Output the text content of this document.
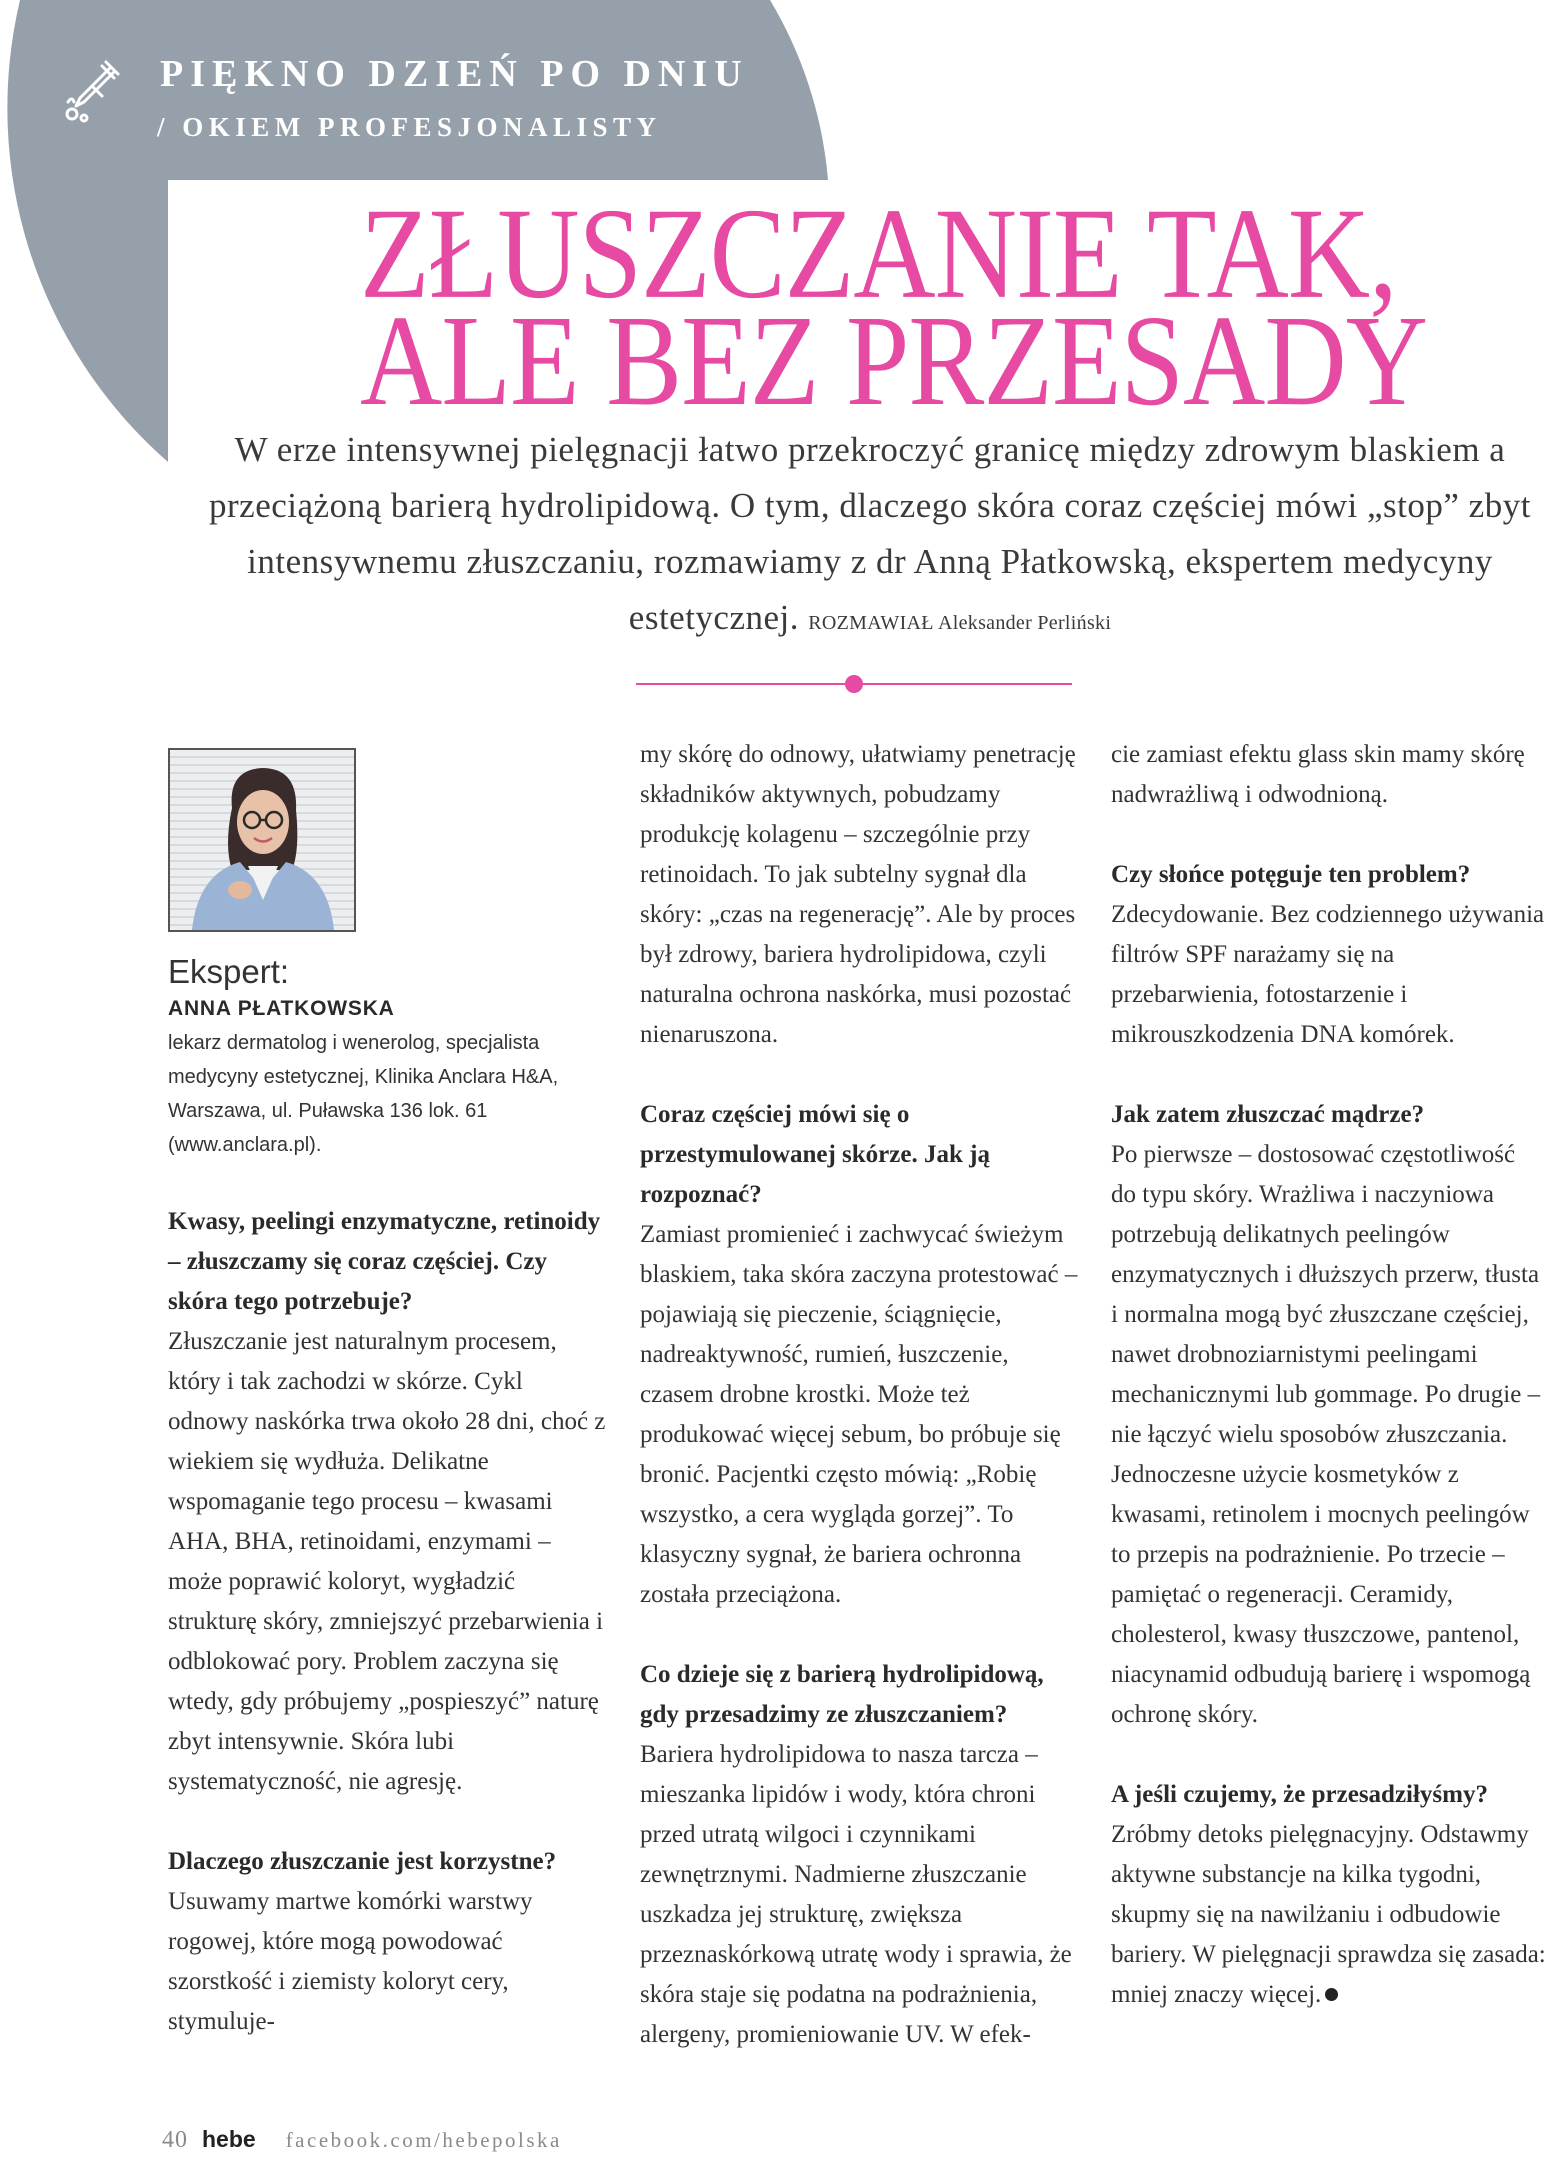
PIĘKNO DZIEŃ PO DNIU
/ OKIEM PROFESJONALISTY
ZŁUSZCZANIE TAK,
ALE BEZ PRZESADY
W erze intensywnej pielęgnacji łatwo przekroczyć granicę między zdrowym blaskiem a przeciążoną barierą hydrolipidową. O tym, dlaczego skóra coraz częściej mówi „stop” zbyt intensywnemu złuszczaniu, rozmawiamy z dr Anną Płatkowską, ekspertem medycyny estetycznej. ROZMAWIAŁ Aleksander Perliński
Ekspert:
ANNA PŁATKOWSKA
lekarz dermatolog i wenerolog, specjalista medycyny estetycznej, Klinika Anclara H&A, Warszawa, ul. Puławska 136 lok. 61 (www.anclara.pl).

Kwasy, peelingi enzymatyczne, retinoidy – złuszczamy się coraz częściej. Czy skóra tego potrzebuje?

Złuszczanie jest naturalnym procesem, który i tak zachodzi w skórze. Cykl odnowy naskórka trwa około 28 dni, choć z wiekiem się wydłuża. Delikatne wspomaganie tego procesu – kwasami AHA, BHA, retinoidami, enzymami – może poprawić koloryt, wygładzić strukturę skóry, zmniejszyć przebarwienia i odblokować pory. Problem zaczyna się wtedy, gdy próbujemy „pospieszyć” naturę zbyt intensywnie. Skóra lubi systematyczność, nie agresję.

Dlaczego złuszczanie jest korzystne?

Usuwamy martwe komórki warstwy rogowej, które mogą powodować szorstkość i ziemisty koloryt cery, stymuluje-

my skórę do odnowy, ułatwiamy penetrację składników aktywnych, pobudzamy produkcję kolagenu – szczególnie przy retinoidach. To jak subtelny sygnał dla skóry: „czas na regenerację”. Ale by proces był zdrowy, bariera hydrolipidowa, czyli naturalna ochrona naskórka, musi pozostać nienaruszona.

Coraz częściej mówi się o przestymulowanej skórze. Jak ją rozpoznać?

Zamiast promienieć i zachwycać świeżym blaskiem, taka skóra zaczyna protestować – pojawiają się pieczenie, ściągnięcie, nadreaktywność, rumień, łuszczenie, czasem drobne krostki. Może też produkować więcej sebum, bo próbuje się bronić. Pacjentki często mówią: „Robię wszystko, a cera wygląda gorzej”. To klasyczny sygnał, że bariera ochronna została przeciążona.

Co dzieje się z barierą hydrolipidową, gdy przesadzimy ze złuszczaniem?

Bariera hydrolipidowa to nasza tarcza – mieszanka lipidów i wody, która chroni przed utratą wilgoci i czynnikami zewnętrznymi. Nadmierne złuszczanie uszkadza jej strukturę, zwiększa przeznaskórkową utratę wody i sprawia, że skóra staje się podatna na podrażnienia, alergeny, promieniowanie UV. W efek-

cie zamiast efektu glass skin mamy skórę nadwrażliwą i odwodnioną.

Czy słońce potęguje ten problem?

Zdecydowanie. Bez codziennego używania filtrów SPF narażamy się na przebarwienia, fotostarzenie i mikrouszkodzenia DNA komórek.

Jak zatem złuszczać mądrze?

Po pierwsze – dostosować częstotliwość do typu skóry. Wrażliwa i naczyniowa potrzebują delikatnych peelingów enzymatycznych i dłuższych przerw, tłusta i normalna mogą być złuszczane częściej, nawet drobnoziarnistymi peelingami mechanicznymi lub gommage. Po drugie – nie łączyć wielu sposobów złuszczania. Jednoczesne użycie kosmetyków z kwasami, retinolem i mocnych peelingów to przepis na podrażnienie. Po trzecie – pamiętać o regeneracji. Ceramidy, cholesterol, kwasy tłuszczowe, pantenol, niacynamid odbudują barierę i wspomogą ochronę skóry.

A jeśli czujemy, że przesadziłyśmy?

Zróbmy detoks pielęgnacyjny. Odstawmy aktywne substancje na kilka tygodni, skupmy się na nawilżaniu i odbudowie bariery. W pielęgnacji sprawdza się zasada: mniej znaczy więcej.

40 hebe facebook.com/hebepolska
